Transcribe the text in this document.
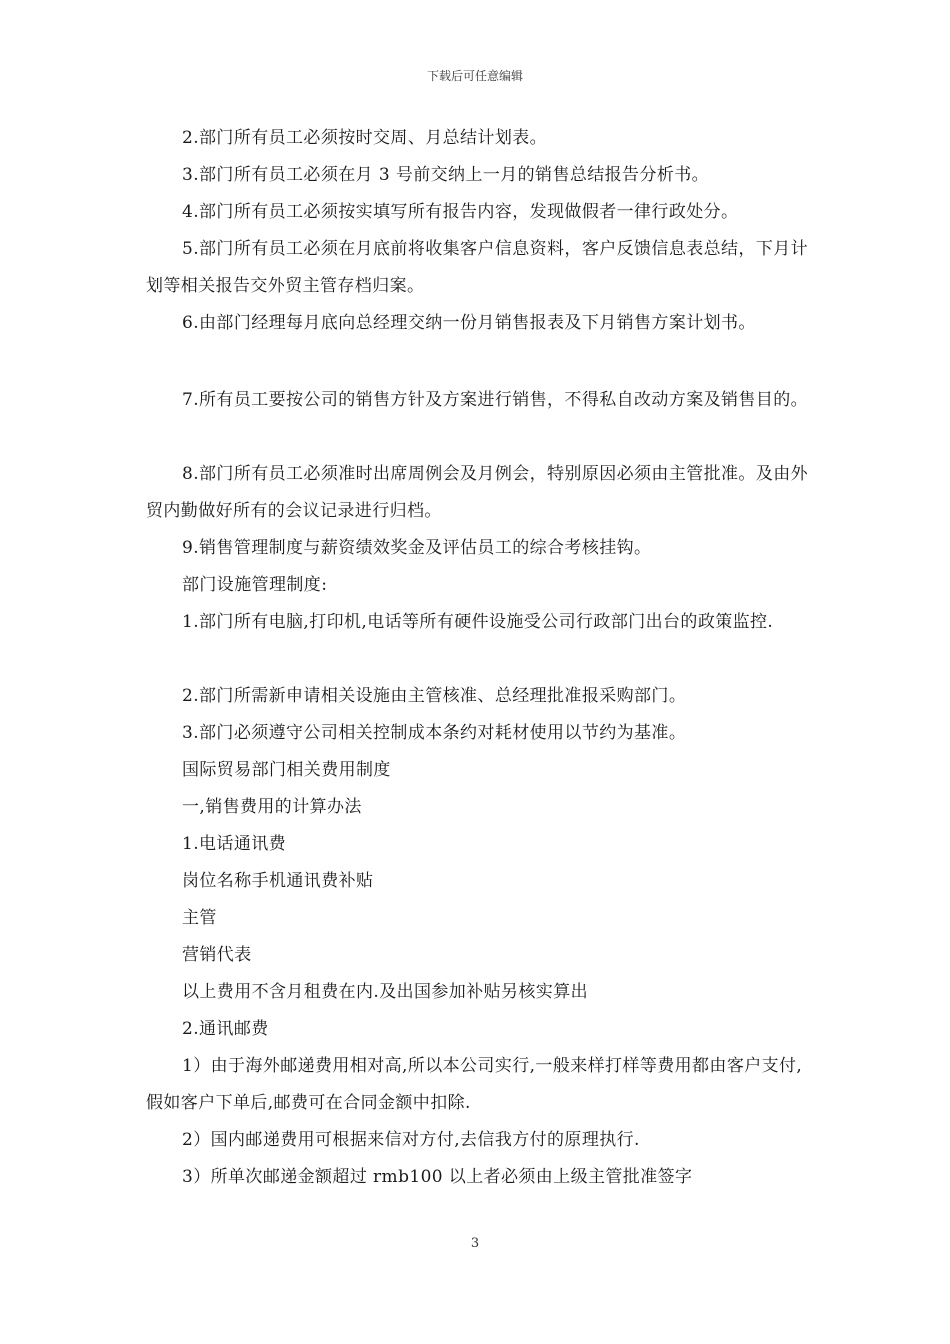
下载后可任意编辑
2.部门所有员工必须按时交周、月总结计划表。
3.部门所有员工必须在月 3 号前交纳上一月的销售总结报告分析书。
4.部门所有员工必须按实填写所有报告内容，发现做假者一律行政处分。
5.部门所有员工必须在月底前将收集客户信息资料，客户反馈信息表总结，下月计划等相关报告交外贸主管存档归案。
6.由部门经理每月底向总经理交纳一份月销售报表及下月销售方案计划书。
7.所有员工要按公司的销售方针及方案进行销售，不得私自改动方案及销售目的。
8.部门所有员工必须准时出席周例会及月例会，特别原因必须由主管批准。及由外贸内勤做好所有的会议记录进行归档。
9.销售管理制度与薪资绩效奖金及评估员工的综合考核挂钩。
部门设施管理制度:
1.部门所有电脑,打印机,电话等所有硬件设施受公司行政部门出台的政策监控.
2.部门所需新申请相关设施由主管核准、总经理批准报采购部门。
3.部门必须遵守公司相关控制成本条约对耗材使用以节约为基准。
国际贸易部门相关费用制度
一,销售费用的计算办法
1.电话通讯费
岗位名称手机通讯费补贴
主管
营销代表
以上费用不含月租费在内.及出国参加补贴另核实算出
2.通讯邮费
1）由于海外邮递费用相对高,所以本公司实行,一般来样打样等费用都由客户支付,假如客户下单后,邮费可在合同金额中扣除.
2）国内邮递费用可根据来信对方付,去信我方付的原理执行.
3）所单次邮递金额超过 rmb100 以上者必须由上级主管批准签字
3
